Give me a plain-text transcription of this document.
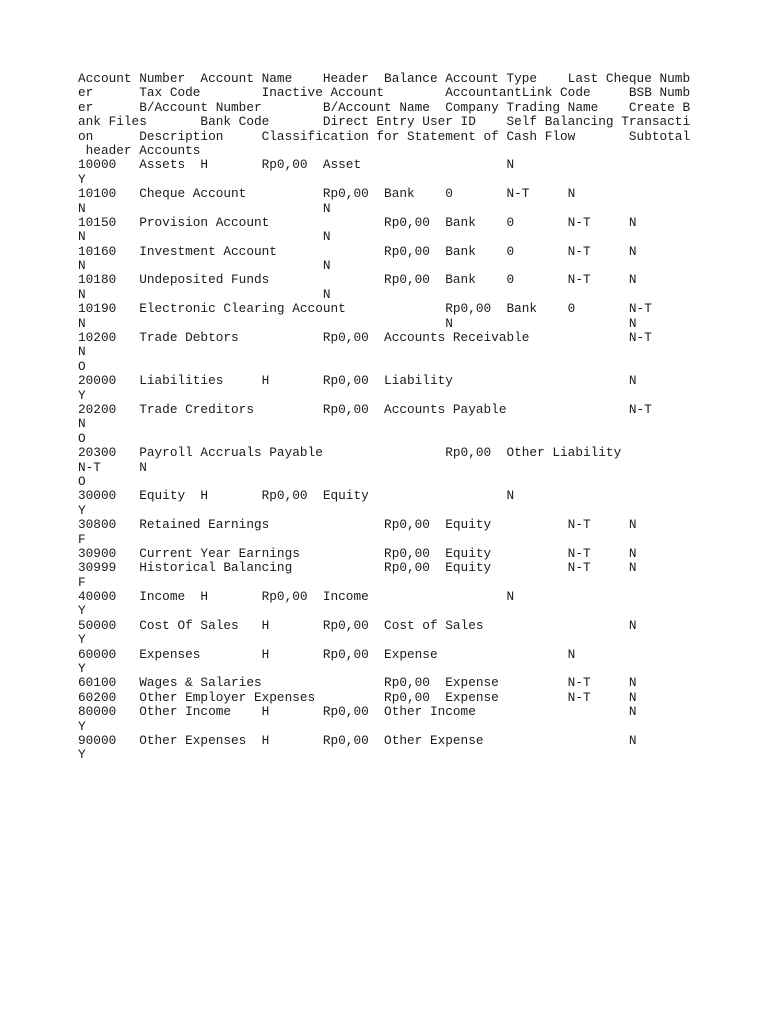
Account Number  Account Name    Header  Balance Account Type    Last Cheque Numb
er      Tax Code        Inactive Account        AccountantLink Code     BSB Numb
er      B/Account Number        B/Account Name  Company Trading Name    Create B
ank Files       Bank Code       Direct Entry User ID    Self Balancing Transacti
on      Description     Classification for Statement of Cash Flow       Subtotal
header Accounts
10000   Assets  H       Rp0,00  Asset                   N
Y
10100   Cheque Account          Rp0,00  Bank    0       N-T     N
N                               N
10150   Provision Account               Rp0,00  Bank    0       N-T     N
N                               N
10160   Investment Account              Rp0,00  Bank    0       N-T     N
N                               N
10180   Undeposited Funds               Rp0,00  Bank    0       N-T     N
N                               N
10190   Electronic Clearing Account             Rp0,00  Bank    0       N-T
N                                               N                       N
10200   Trade Debtors           Rp0,00  Accounts Receivable             N-T
N
O
20000   Liabilities     H       Rp0,00  Liability                       N
Y
20200   Trade Creditors         Rp0,00  Accounts Payable                N-T
N
O
20300   Payroll Accruals Payable                Rp0,00  Other Liability
N-T     N
O
30000   Equity  H       Rp0,00  Equity                  N
Y
30800   Retained Earnings               Rp0,00  Equity          N-T     N
F
30900   Current Year Earnings           Rp0,00  Equity          N-T     N
30999   Historical Balancing            Rp0,00  Equity          N-T     N
F
40000   Income  H       Rp0,00  Income                  N
Y
50000   Cost Of Sales   H       Rp0,00  Cost of Sales                   N
Y
60000   Expenses        H       Rp0,00  Expense                 N
Y
60100   Wages & Salaries                Rp0,00  Expense         N-T     N
60200   Other Employer Expenses         Rp0,00  Expense         N-T     N
80000   Other Income    H       Rp0,00  Other Income                    N
Y
90000   Other Expenses  H       Rp0,00  Other Expense                   N
Y
